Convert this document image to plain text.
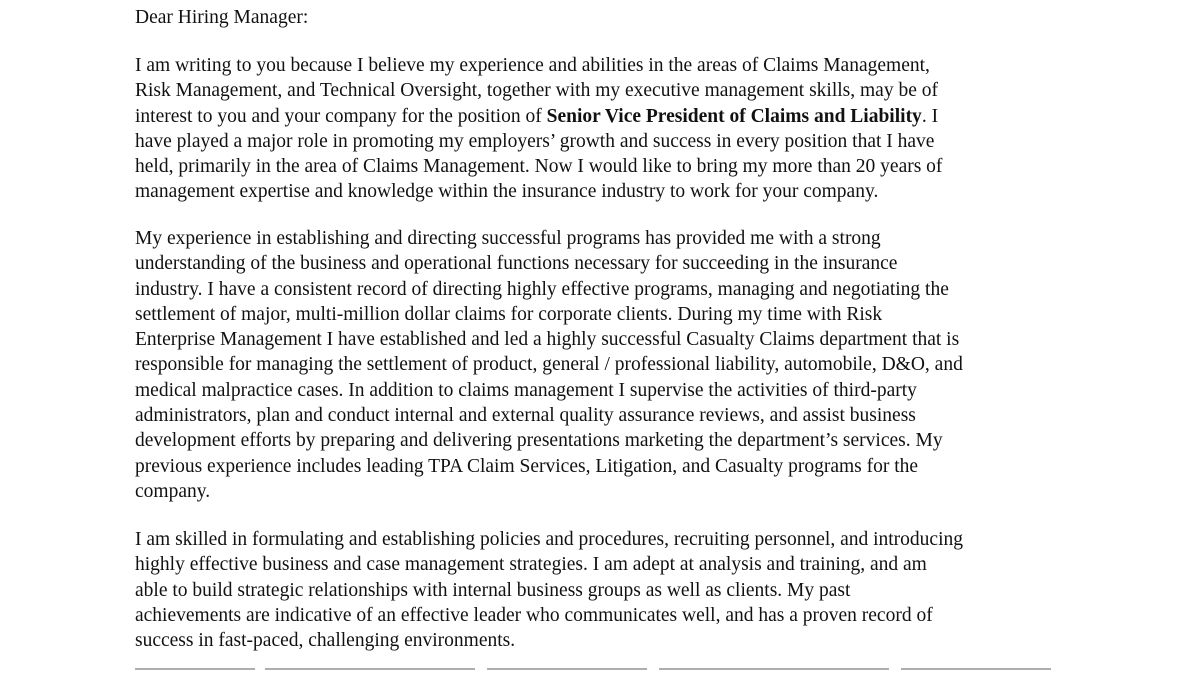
Dear Hiring Manager:

I am writing to you because I believe my experience and abilities in the areas of Claims Management,
Risk Management, and Technical Oversight, together with my executive management skills, may be of
interest to you and your company for the position of Senior Vice President of Claims and Liability. I
have played a major role in promoting my employers’ growth and success in every position that I have
held, primarily in the area of Claims Management. Now I would like to bring my more than 20 years of
management expertise and knowledge within the insurance industry to work for your company.

My experience in establishing and directing successful programs has provided me with a strong
understanding of the business and operational functions necessary for succeeding in the insurance
industry. I have a consistent record of directing highly effective programs, managing and negotiating the
settlement of major, multi-million dollar claims for corporate clients. During my time with Risk
Enterprise Management I have established and led a highly successful Casualty Claims department that is
responsible for managing the settlement of product, general / professional liability, automobile, D&O, and
medical malpractice cases. In addition to claims management I supervise the activities of third-party
administrators, plan and conduct internal and external quality assurance reviews, and assist business
development efforts by preparing and delivering presentations marketing the department’s services. My
previous experience includes leading TPA Claim Services, Litigation, and Casualty programs for the
company.

I am skilled in formulating and establishing policies and procedures, recruiting personnel, and introducing
highly effective business and case management strategies. I am adept at analysis and training, and am
able to build strategic relationships with internal business groups as well as clients. My past
achievements are indicative of an effective leader who communicates well, and has a proven record of
success in fast-paced, challenging environments.
